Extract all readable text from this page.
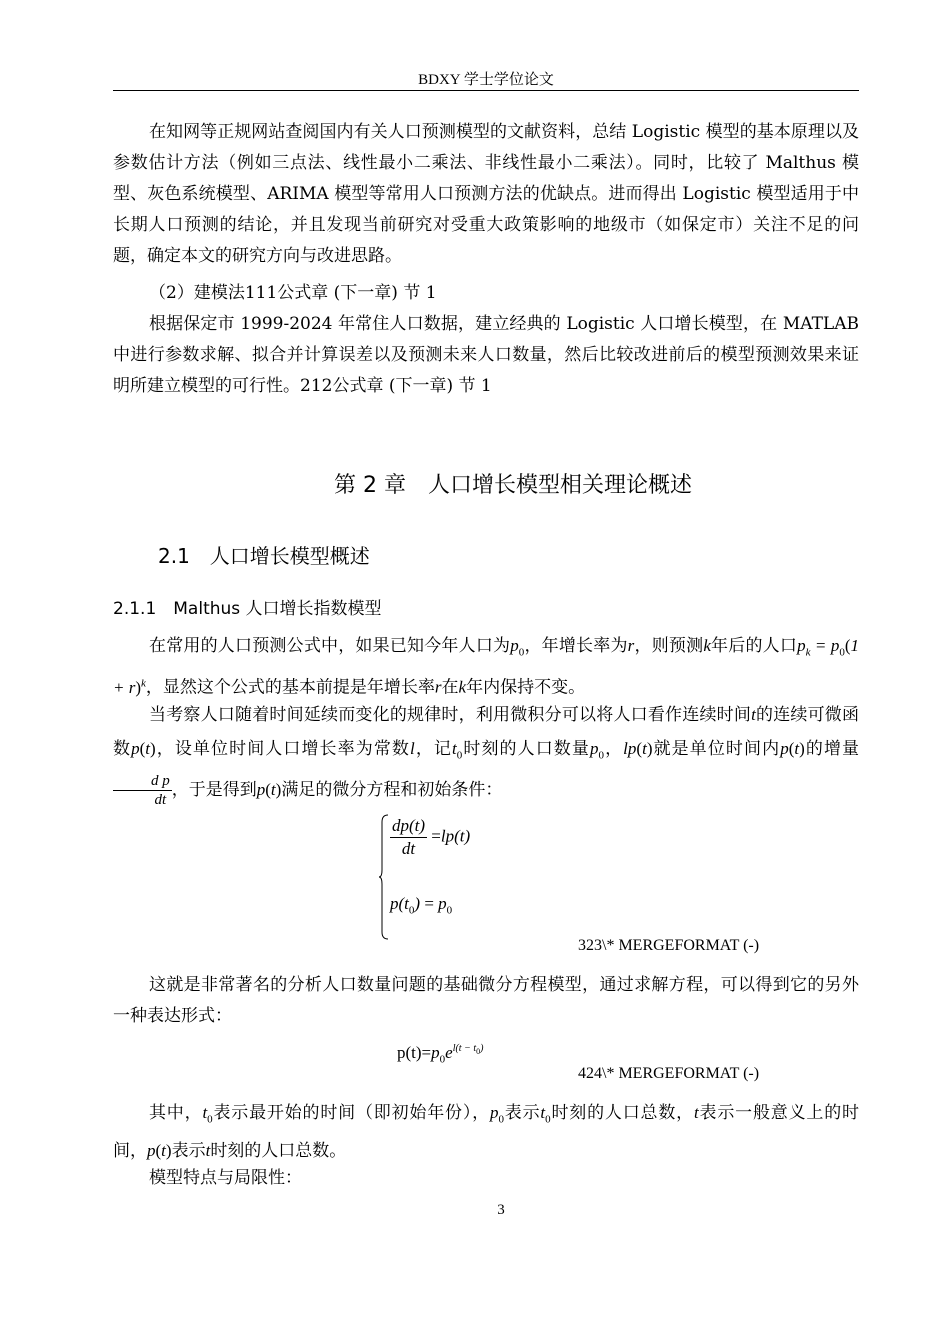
BDXY 学士学位论文
在知网等正规网站查阅国内有关人口预测模型的文献资料，总结 Logistic 模型的基本原理以及参数估计方法（例如三点法、线性最小二乘法、非线性最小二乘法）。同时，比较了 Malthus 模型、灰色系统模型、ARIMA 模型等常用人口预测方法的优缺点。进而得出 Logistic 模型适用于中长期人口预测的结论，并且发现当前研究对受重大政策影响的地级市（如保定市）关注不足的问题，确定本文的研究方向与改进思路。
（2）建模法111公式章 (下一章) 节 1
根据保定市 1999-2024 年常住人口数据，建立经典的 Logistic 人口增长模型，在 MATLAB 中进行参数求解、拟合并计算误差以及预测未来人口数量，然后比较改进前后的模型预测效果来证明所建立模型的可行性。212公式章 (下一章) 节 1
第 2 章　人口增长模型相关理论概述
2.1　人口增长模型概述
2.1.1　Malthus 人口增长指数模型
在常用的人口预测公式中，如果已知今年人口为$p_0$，年增长率为r，则预测k年后的人口$p_k = p_0(1 + r)^k$，显然这个公式的基本前提是年增长率r在k年内保持不变。
当考察人口随着时间延续而变化的规律时，利用微积分可以将人口看作连续时间t的连续可微函数p(t)，设单位时间人口增长率为常数l，记$t_0$时刻的人口数量$p_0$，lp(t)就是单位时间内p(t)的增量
$\frac{\text{d p}}{dt}$ ，于是得到p(t)满足的微分方程和初始条件：
$\frac{dp(t)}{dt} =lp(t)$
$p(t_0) = p_0$
323\* MERGEFORMAT (-)
这就是非常著名的分析人口数量问题的基础微分方程模型，通过求解方程，可以得到它的另外一种表达形式：
$p(t)=p_0e^{l(t - t_0)}$
424\* MERGEFORMAT (-)
其中，$t_0$表示最开始的时间（即初始年份），$p_0$表示$t_0$时刻的人口总数，t表示一般意义上的时间，p(t)表示t时刻的人口总数。
模型特点与局限性：
3
